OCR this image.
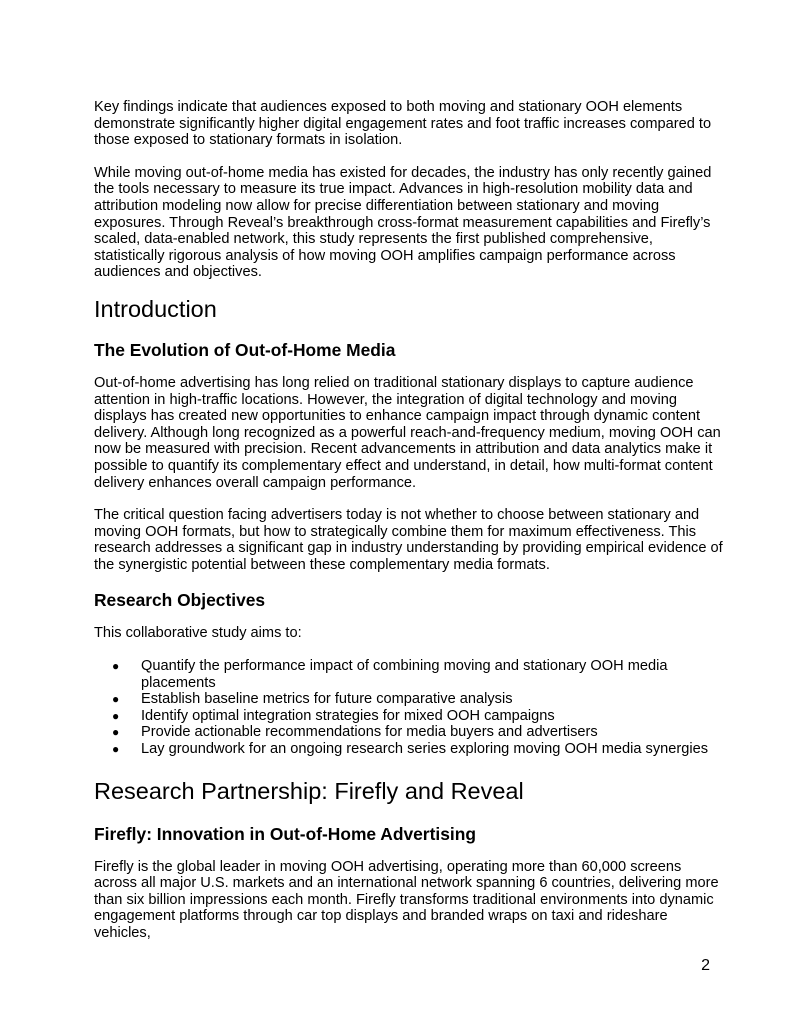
Key findings indicate that audiences exposed to both moving and stationary OOH elements demonstrate significantly higher digital engagement rates and foot traffic increases compared to those exposed to stationary formats in isolation.

While moving out-of-home media has existed for decades, the industry has only recently gained the tools necessary to measure its true impact. Advances in high-resolution mobility data and attribution modeling now allow for precise differentiation between stationary and moving exposures. Through Reveal’s breakthrough cross-format measurement capabilities and Firefly’s scaled, data-enabled network, this study represents the first published comprehensive, statistically rigorous analysis of how moving OOH amplifies campaign performance across audiences and objectives.

Introduction
The Evolution of Out-of-Home Media

Out-of-home advertising has long relied on traditional stationary displays to capture audience attention in high-traffic locations. However, the integration of digital technology and moving displays has created new opportunities to enhance campaign impact through dynamic content delivery. Although long recognized as a powerful reach-and-frequency medium, moving OOH can now be measured with precision. Recent advancements in attribution and data analytics make it possible to quantify its complementary effect and understand, in detail, how multi-format content delivery enhances overall campaign performance.

The critical question facing advertisers today is not whether to choose between stationary and moving OOH formats, but how to strategically combine them for maximum effectiveness. This research addresses a significant gap in industry understanding by providing empirical evidence of the synergistic potential between these complementary media formats.

Research Objectives

This collaborative study aims to:

● Quantify the performance impact of combining moving and stationary OOH media placements
● Establish baseline metrics for future comparative analysis
● Identify optimal integration strategies for mixed OOH campaigns
● Provide actionable recommendations for media buyers and advertisers
● Lay groundwork for an ongoing research series exploring moving OOH media synergies
Research Partnership: Firefly and Reveal
Firefly: Innovation in Out-of-Home Advertising

Firefly is the global leader in moving OOH advertising, operating more than 60,000 screens across all major U.S. markets and an international network spanning 6 countries, delivering more than six billion impressions each month. Firefly transforms traditional environments into dynamic engagement platforms through car top displays and branded wraps on taxi and rideshare vehicles,

2
